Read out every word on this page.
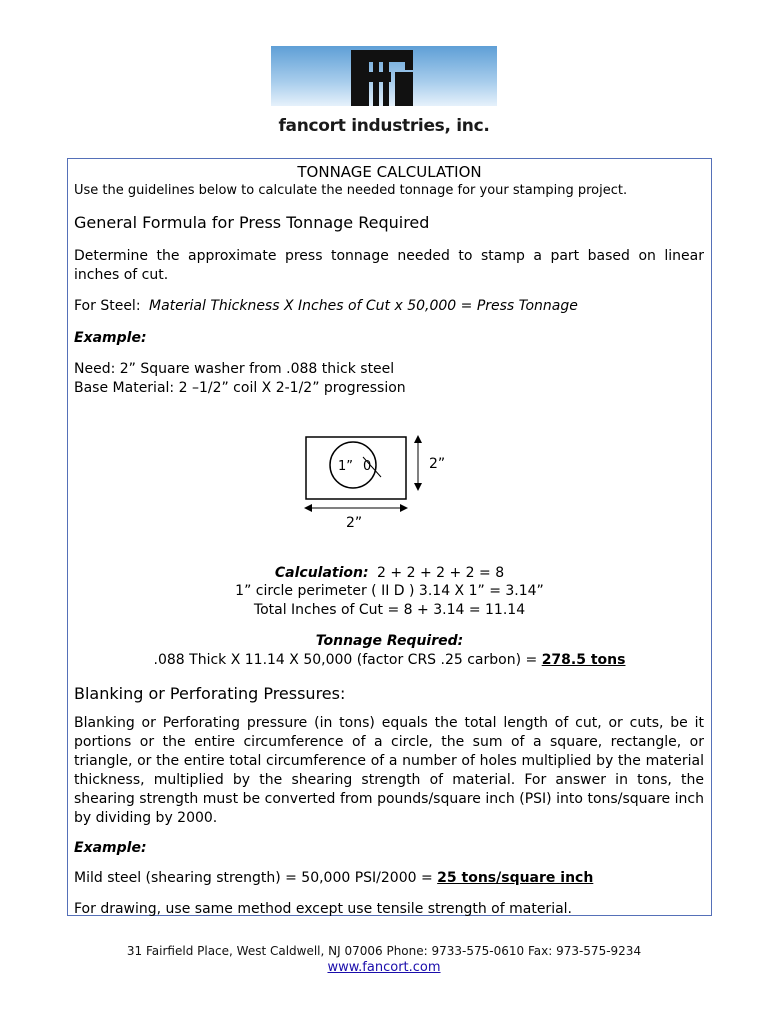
fancort industries, inc.
TONNAGE CALCULATION
Use the guidelines below to calculate the needed tonnage for your stamping project.
General Formula for Press Tonnage Required
Determine the approximate press tonnage needed to stamp a part based on linear inches of cut.
For Steel: Material Thickness X Inches of Cut x 50,000 = Press Tonnage
Example:
Need: 2” Square washer from .088 thick steel
Base Material: 2 –1/2” coil X 2-1/2” progression
1” 0	2”
2”
Calculation: 2 + 2 + 2 + 2 = 8
1” circle perimeter ( II D ) 3.14 X 1” = 3.14”
Total Inches of Cut = 8 + 3.14 = 11.14
Tonnage Required:
.088 Thick X 11.14 X 50,000 (factor CRS .25 carbon) = 278.5 tons
Blanking or Perforating Pressures:
Blanking or Perforating pressure (in tons) equals the total length of cut, or cuts, be it portions or the entire circumference of a circle, the sum of a square, rectangle, or triangle, or the entire total circumference of a number of holes multiplied by the material thickness, multiplied by the shearing strength of material. For answer in tons, the shearing strength must be converted from pounds/square inch (PSI) into tons/square inch by dividing by 2000.
Example:
Mild steel (shearing strength) = 50,000 PSI/2000 = 25 tons/square inch
For drawing, use same method except use tensile strength of material.
31 Fairfield Place, West Caldwell, NJ 07006 Phone: 9733-575-0610 Fax: 973-575-9234
www.fancort.com
